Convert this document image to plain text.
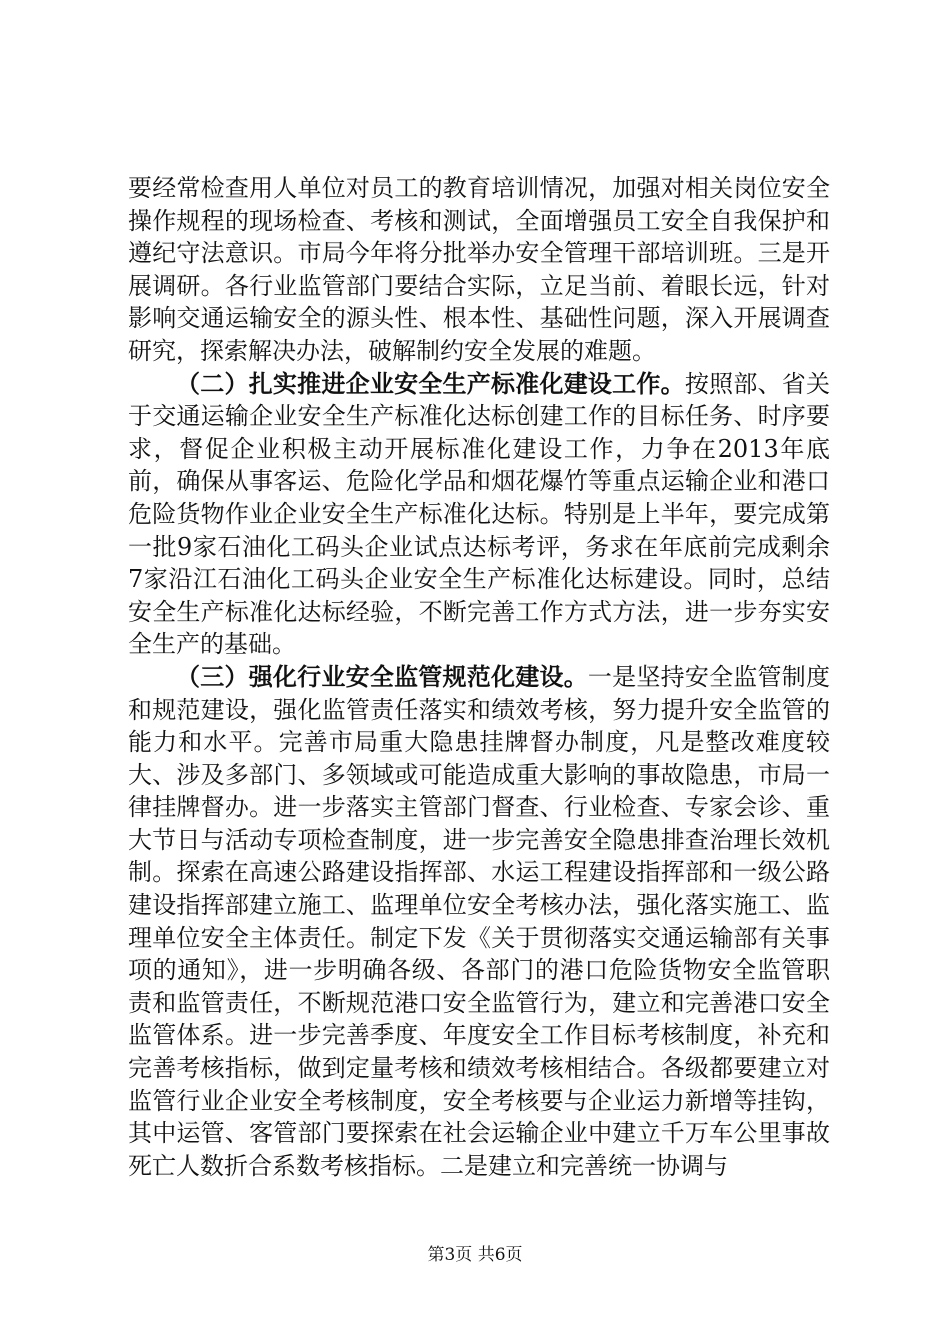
要经常检查用人单位对员工的教育培训情况，加强对相关岗位安全操作规程的现场检查、考核和测试，全面增强员工安全自我保护和遵纪守法意识。市局今年将分批举办安全管理干部培训班。三是开展调研。各行业监管部门要结合实际，立足当前、着眼长远，针对影响交通运输安全的源头性、根本性、基础性问题，深入开展调查研究，探索解决办法，破解制约安全发展的难题。

（二）扎实推进企业安全生产标准化建设工作。按照部、省关于交通运输企业安全生产标准化达标创建工作的目标任务、时序要求，督促企业积极主动开展标准化建设工作，力争在2013年底前，确保从事客运、危险化学品和烟花爆竹等重点运输企业和港口危险货物作业企业安全生产标准化达标。特别是上半年，要完成第一批9家石油化工码头企业试点达标考评，务求在年底前完成剩余7家沿江石油化工码头企业安全生产标准化达标建设。同时，总结安全生产标准化达标经验，不断完善工作方式方法，进一步夯实安全生产的基础。

（三）强化行业安全监管规范化建设。一是坚持安全监管制度和规范建设，强化监管责任落实和绩效考核，努力提升安全监管的能力和水平。完善市局重大隐患挂牌督办制度，凡是整改难度较大、涉及多部门、多领域或可能造成重大影响的事故隐患，市局一律挂牌督办。进一步落实主管部门督查、行业检查、专家会诊、重大节日与活动专项检查制度，进一步完善安全隐患排查治理长效机制。探索在高速公路建设指挥部、水运工程建设指挥部和一级公路建设指挥部建立施工、监理单位安全考核办法，强化落实施工、监理单位安全主体责任。制定下发《关于贯彻落实交通运输部有关事项的通知》，进一步明确各级、各部门的港口危险货物安全监管职责和监管责任，不断规范港口安全监管行为，建立和完善港口安全监管体系。进一步完善季度、年度安全工作目标考核制度，补充和完善考核指标，做到定量考核和绩效考核相结合。各级都要建立对监管行业企业安全考核制度，安全考核要与企业运力新增等挂钩，其中运管、客管部门要探索在社会运输企业中建立千万车公里事故死亡人数折合系数考核指标。二是建立和完善统一协调与

第3页 共6页
